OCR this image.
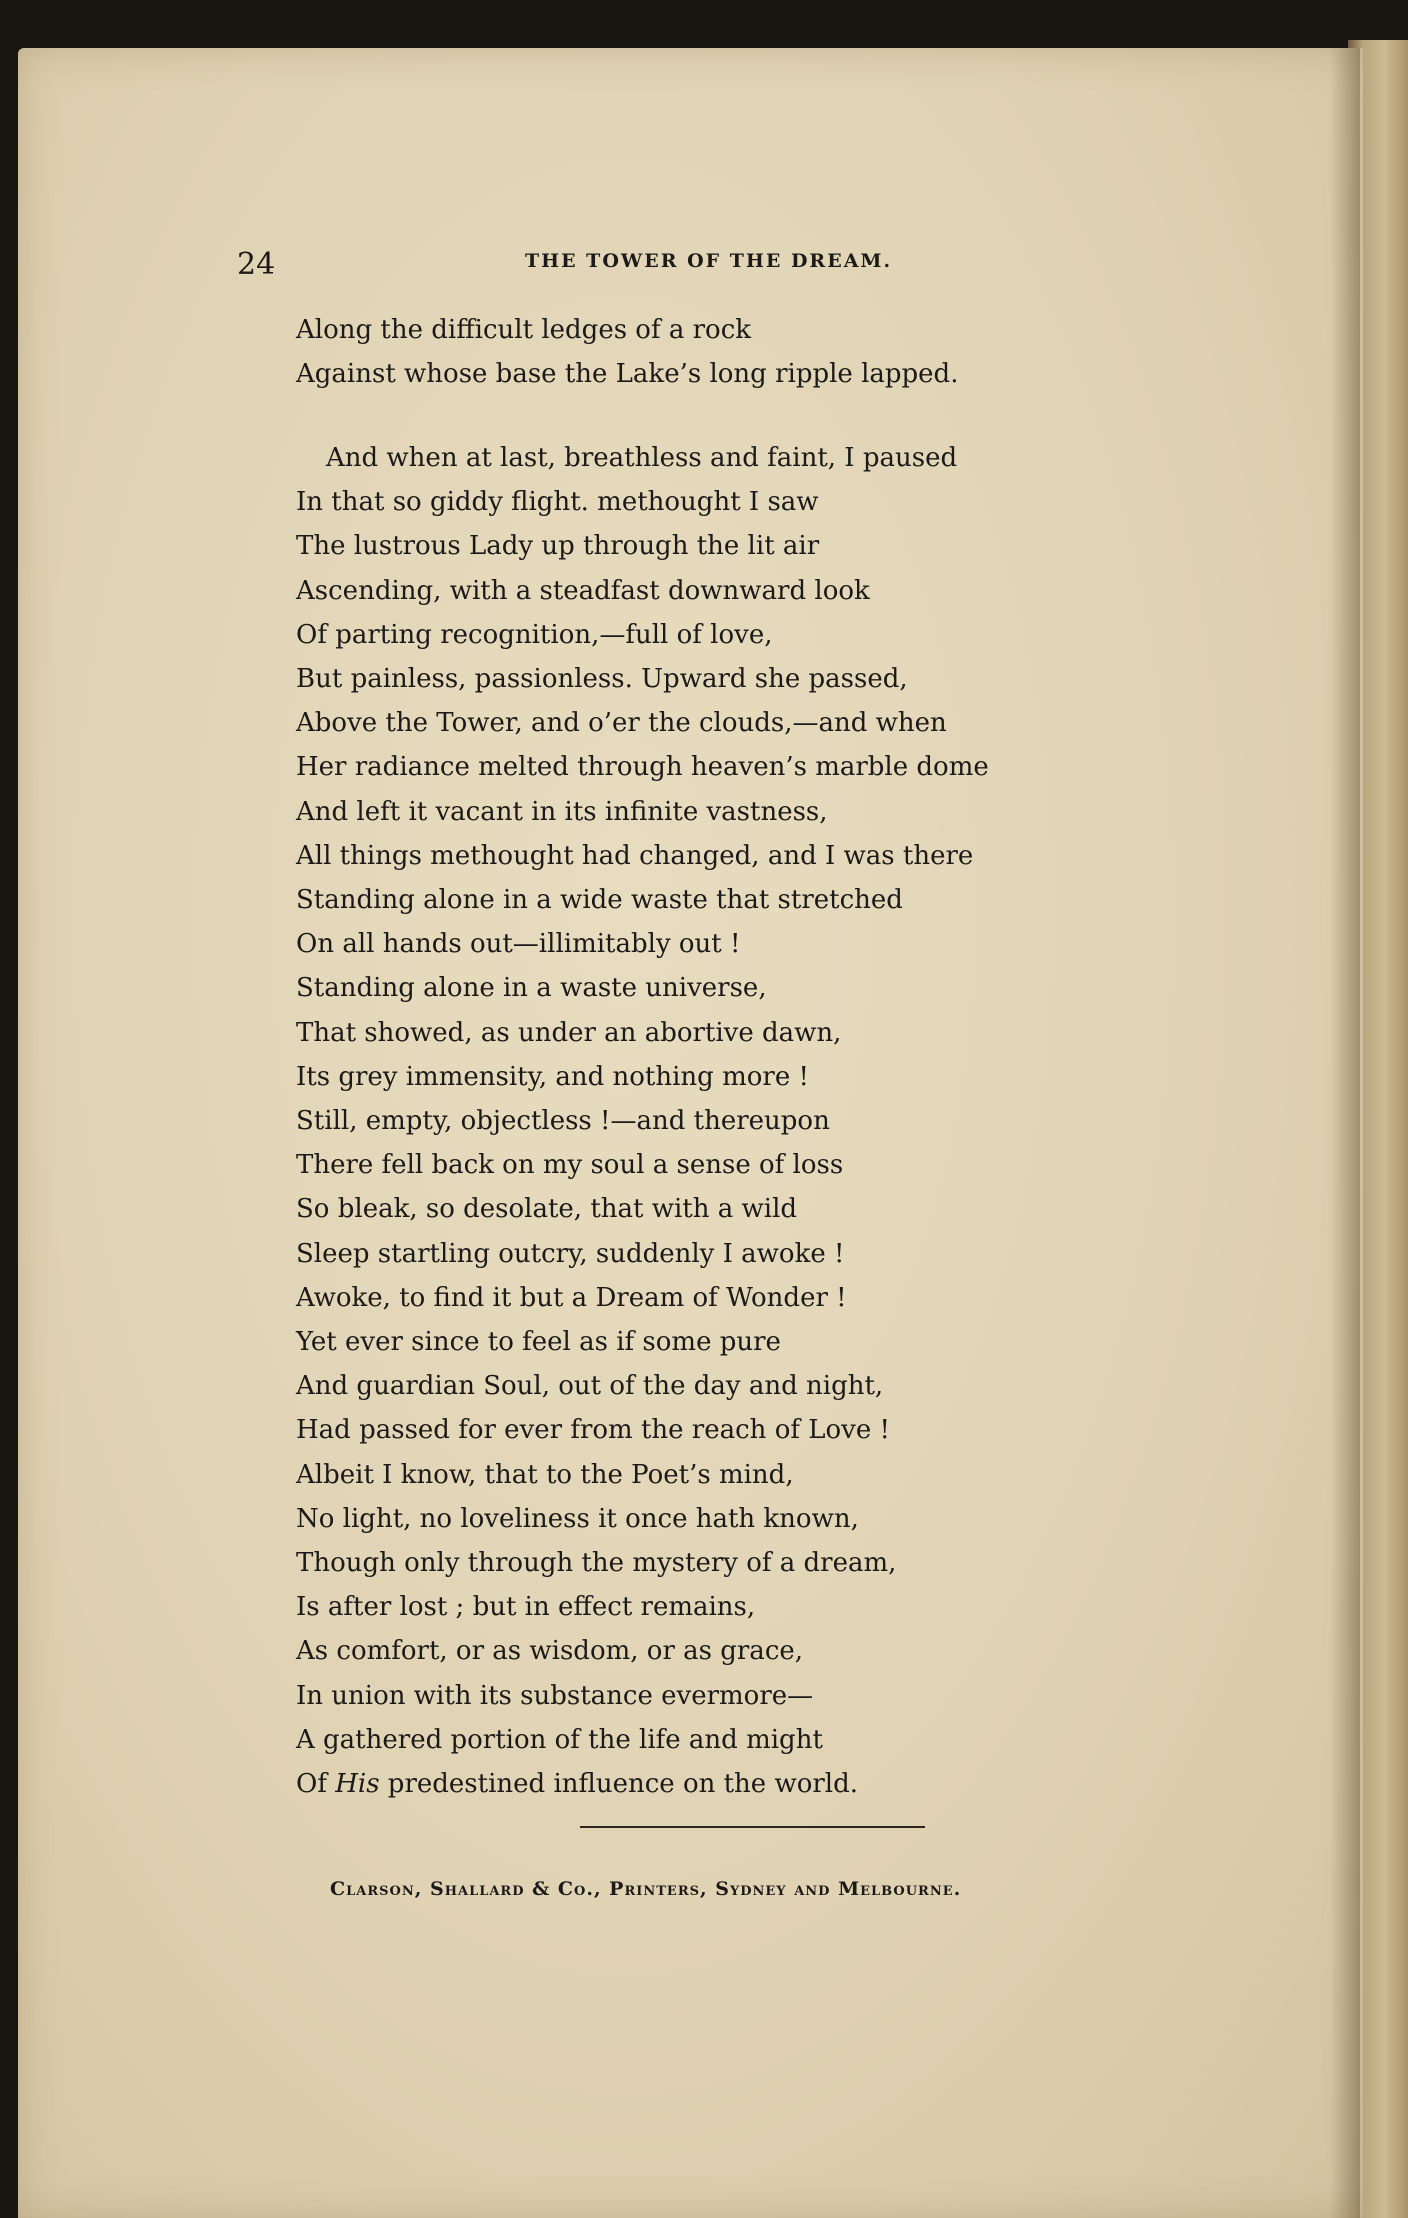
24	THE TOWER OF THE DREAM.

Along the difficult ledges of a rock
Against whose base the Lake’s long ripple lapped.
And when at last, breathless and faint, I paused
In that so giddy flight. methought I saw
The lustrous Lady up through the lit air
Ascending, with a steadfast downward look
Of parting recognition,—full of love,
But painless, passionless. Upward she passed,
Above the Tower, and o’er the clouds,—and when
Her radiance melted through heaven’s marble dome
And left it vacant in its infinite vastness,
All things methought had changed, and I was there
Standing alone in a wide waste that stretched
On all hands out—illimitably out !
Standing alone in a waste universe,
That showed, as under an abortive dawn,
Its grey immensity, and nothing more !
Still, empty, objectless !—and thereupon
There fell back on my soul a sense of loss
So bleak, so desolate, that with a wild
Sleep startling outcry, suddenly I awoke !
Awoke, to find it but a Dream of Wonder !
Yet ever since to feel as if some pure
And guardian Soul, out of the day and night,
Had passed for ever from the reach of Love !
Albeit I know, that to the Poet’s mind,
No light, no loveliness it once hath known,
Though only through the mystery of a dream,
Is after lost ; but in effect remains,
As comfort, or as wisdom, or as grace,
In union with its substance evermore—
A gathered portion of the life and might
Of His predestined influence on the world.

Clarson, Shallard & Co., Printers, Sydney and Melbourne.
